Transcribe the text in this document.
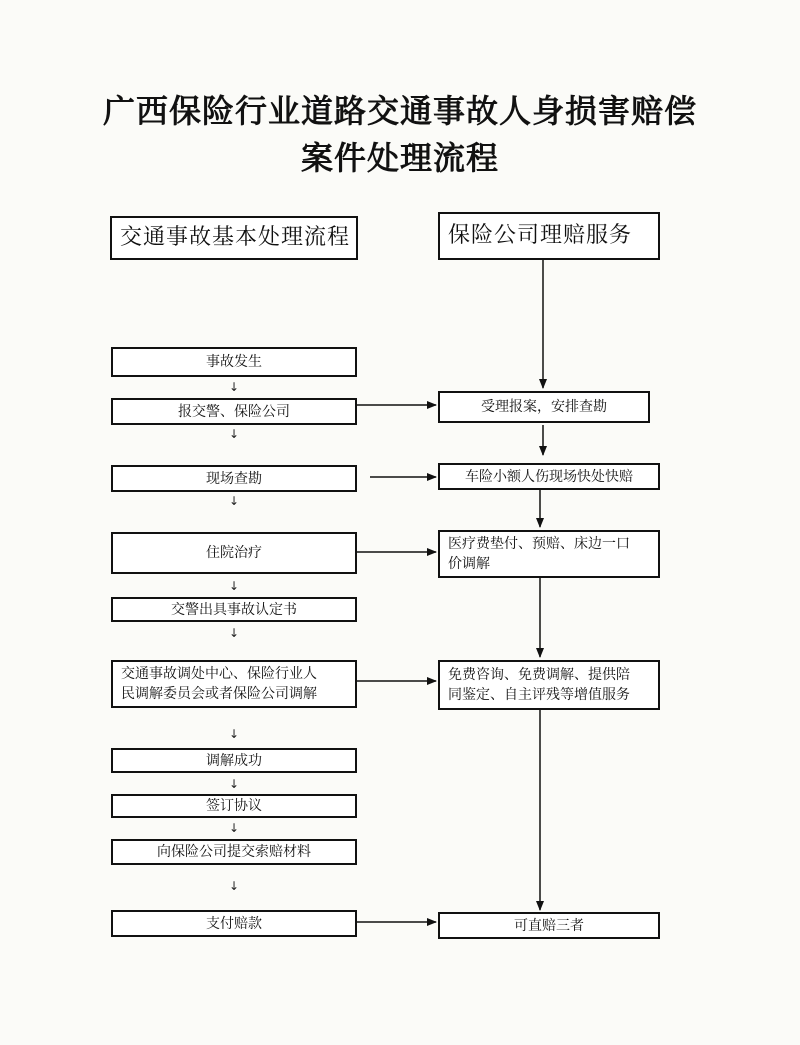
广西保险行业道路交通事故人身损害赔偿
案件处理流程
交通事故基本处理流程	保险公司理赔服务
事故发生
↓
报交警、保险公司
↓
现场查勘
↓
住院治疗
↓
交警出具事故认定书
↓
交通事故调处中心、保险行业人
民调解委员会或者保险公司调解
↓
调解成功
↓
签订协议
↓
向保险公司提交索赔材料
↓
支付赔款
受理报案，安排查勘
车险小额人伤现场快处快赔
医疗费垫付、预赔、床边一口
价调解
免费咨询、免费调解、提供陪
同鉴定、自主评残等增值服务
可直赔三者
